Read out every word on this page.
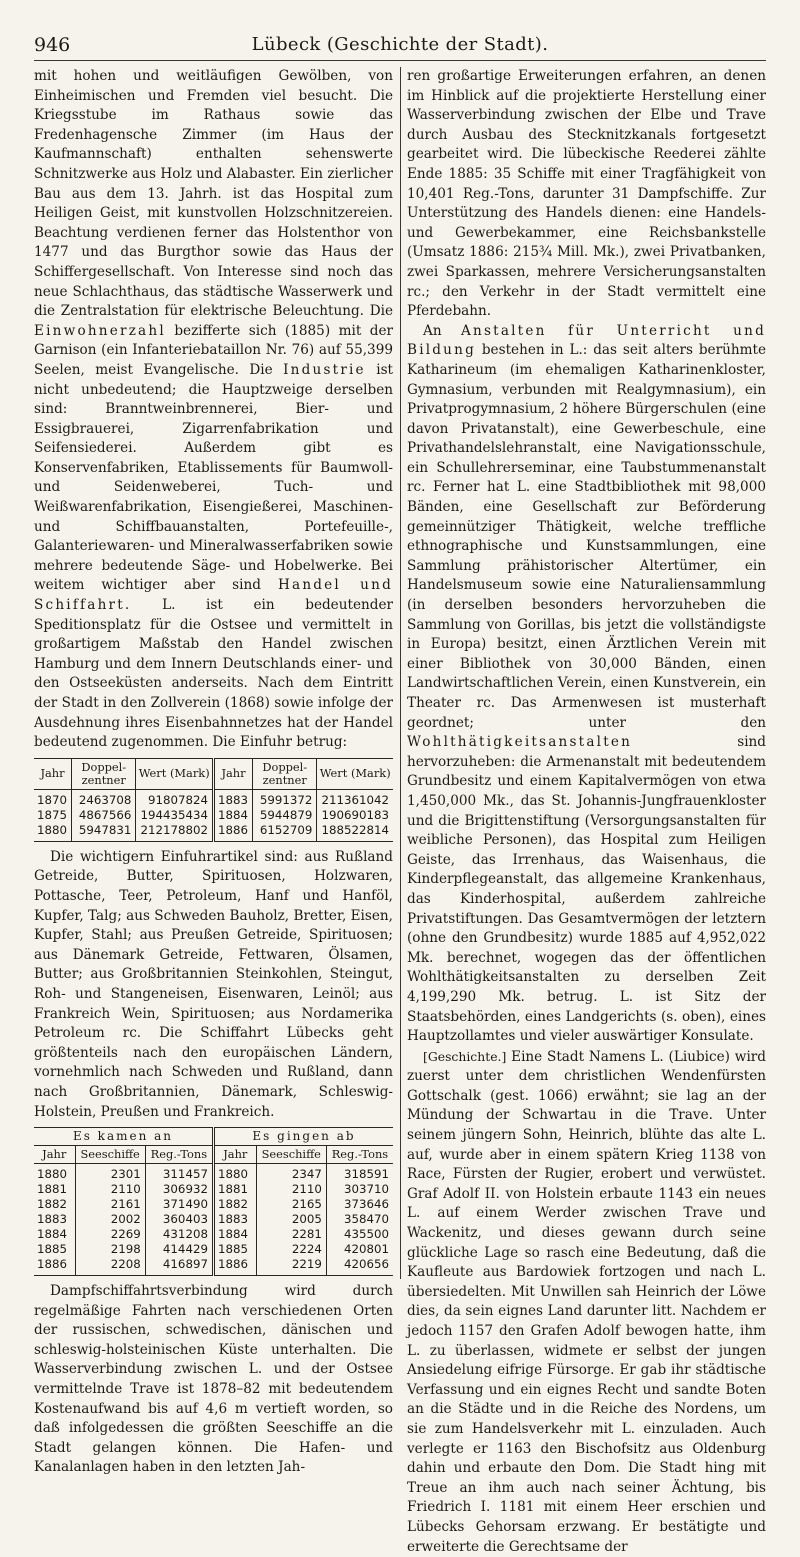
946	Lübeck (Geschichte der Stadt).

mit hohen und weitläufigen Gewölben, von Einheimischen und Fremden viel besucht. Die Kriegsstube im Rathaus sowie das Fredenhagensche Zimmer (im Haus der Kaufmannschaft) enthalten sehenswerte Schnitzwerke aus Holz und Alabaster. Ein zierlicher Bau aus dem 13. Jahrh. ist das Hospital zum Heiligen Geist, mit kunstvollen Holzschnitzereien. Beachtung verdienen ferner das Holstenthor von 1477 und das Burgthor sowie das Haus der Schiffergesellschaft. Von Interesse sind noch das neue Schlachthaus, das städtische Wasserwerk und die Zentralstation für elektrische Beleuchtung. Die Einwohnerzahl bezifferte sich (1885) mit der Garnison (ein Infanteriebataillon Nr. 76) auf 55,399 Seelen, meist Evangelische. Die Industrie ist nicht unbedeutend; die Hauptzweige derselben sind: Branntweinbrennerei, Bier- und Essigbrauerei, Zigarrenfabrikation und Seifensiederei. Außerdem gibt es Konservenfabriken, Etablissements für Baumwoll- und Seidenweberei, Tuch- und Weißwarenfabrikation, Eisengießerei, Maschinen- und Schiffbauanstalten, Portefeuille-, Galanteriewaren- und Mineralwasserfabriken sowie mehrere bedeutende Säge- und Hobelwerke. Bei weitem wichtiger aber sind Handel und Schiffahrt. L. ist ein bedeutender Speditionsplatz für die Ostsee und vermittelt in großartigem Maßstab den Handel zwischen Hamburg und dem Innern Deutschlands einer- und den Ostseeküsten anderseits. Nach dem Eintritt der Stadt in den Zollverein (1868) sowie infolge der Ausdehnung ihres Eisenbahnnetzes hat der Handel bedeutend zugenommen. Die Einfuhr betrug:

Jahr	Doppel-zentner	Wert (Mark)	Jahr	Doppel-zentner	Wert (Mark)
1870	2463708	91807824	1883	5991372	211361042
1875	4867566	194435434	1884	5944879	190690183
1880	5947831	212178802	1886	6152709	188522814

Die wichtigern Einfuhrartikel sind: aus Rußland Getreide, Butter, Spirituosen, Holzwaren, Pottasche, Teer, Petroleum, Hanf und Hanföl, Kupfer, Talg; aus Schweden Bauholz, Bretter, Eisen, Kupfer, Stahl; aus Preußen Getreide, Spirituosen; aus Dänemark Getreide, Fettwaren, Ölsamen, Butter; aus Großbritannien Steinkohlen, Steingut, Roh- und Stangeneisen, Eisenwaren, Leinöl; aus Frankreich Wein, Spirituosen; aus Nordamerika Petroleum rc. Die Schiffahrt Lübecks geht größtenteils nach den europäischen Ländern, vornehmlich nach Schweden und Rußland, dann nach Großbritannien, Dänemark, Schleswig-Holstein, Preußen und Frankreich.

Es kamen an			Es gingen ab		
Jahr	Seeschiffe	Reg.-Tons	Jahr	Seeschiffe	Reg.-Tons
1880	2301	311457	1880	2347	318591
1881	2110	306932	1881	2110	303710
1882	2161	371490	1882	2165	373646
1883	2002	360403	1883	2005	358470
1884	2269	431208	1884	2281	435500
1885	2198	414429	1885	2224	420801
1886	2208	416897	1886	2219	420656

Dampfschiffahrtsverbindung wird durch regelmäßige Fahrten nach verschiedenen Orten der russischen, schwedischen, dänischen und schleswig-holsteinischen Küste unterhalten. Die Wasserverbindung zwischen L. und der Ostsee vermittelnde Trave ist 1878–82 mit bedeutendem Kostenaufwand bis auf 4,6 m vertieft worden, so daß infolgedessen die größten Seeschiffe an die Stadt gelangen können. Die Hafen- und Kanalanlagen haben in den letzten Jah-

ren großartige Erweiterungen erfahren, an denen im Hinblick auf die projektierte Herstellung einer Wasserverbindung zwischen der Elbe und Trave durch Ausbau des Stecknitzkanals fortgesetzt gearbeitet wird. Die lübeckische Reederei zählte Ende 1885: 35 Schiffe mit einer Tragfähigkeit von 10,401 Reg.-Tons, darunter 31 Dampfschiffe. Zur Unterstützung des Handels dienen: eine Handels- und Gewerbekammer, eine Reichsbankstelle (Umsatz 1886: 215¾ Mill. Mk.), zwei Privatbanken, zwei Sparkassen, mehrere Versicherungsanstalten rc.; den Verkehr in der Stadt vermittelt eine Pferdebahn.

An Anstalten für Unterricht und Bildung bestehen in L.: das seit alters berühmte Katharineum (im ehemaligen Katharinenkloster, Gymnasium, verbunden mit Realgymnasium), ein Privatprogymnasium, 2 höhere Bürgerschulen (eine davon Privatanstalt), eine Gewerbeschule, eine Privathandelslehranstalt, eine Navigationsschule, ein Schullehrerseminar, eine Taubstummenanstalt rc. Ferner hat L. eine Stadtbibliothek mit 98,000 Bänden, eine Gesellschaft zur Beförderung gemeinnütziger Thätigkeit, welche treffliche ethnographische und Kunstsammlungen, eine Sammlung prähistorischer Altertümer, ein Handelsmuseum sowie eine Naturaliensammlung (in derselben besonders hervorzuheben die Sammlung von Gorillas, bis jetzt die vollständigste in Europa) besitzt, einen Ärztlichen Verein mit einer Bibliothek von 30,000 Bänden, einen Landwirtschaftlichen Verein, einen Kunstverein, ein Theater rc. Das Armenwesen ist musterhaft geordnet; unter den Wohlthätigkeitsanstalten	sind hervorzuheben: die Armenanstalt mit bedeutendem Grundbesitz und einem Kapitalvermögen von etwa 1,450,000 Mk., das St. Johannis-Jungfrauenkloster und die Brigittenstiftung (Versorgungsanstalten für weibliche Personen), das Hospital zum Heiligen Geiste, das Irrenhaus, das Waisenhaus, die Kinderpflegeanstalt, das allgemeine Krankenhaus, das Kinderhospital, außerdem zahlreiche Privatstiftungen. Das Gesamtvermögen der letztern (ohne den Grundbesitz) wurde 1885 auf 4,952,022 Mk. berechnet, wogegen das der öffentlichen Wohlthätigkeitsanstalten zu derselben Zeit 4,199,290 Mk. betrug. L. ist Sitz der Staatsbehörden, eines Landgerichts (s. oben), eines Hauptzollamtes und vieler auswärtiger Konsulate.

[Geschichte.] Eine Stadt Namens L. (Liubice) wird zuerst unter dem christlichen Wendenfürsten Gottschalk (gest. 1066) erwähnt; sie lag an der Mündung der Schwartau in die Trave. Unter seinem jüngern Sohn, Heinrich, blühte das alte L. auf, wurde aber in einem spätern Krieg 1138 von Race, Fürsten der Rugier, erobert und verwüstet. Graf Adolf II. von Holstein erbaute 1143 ein neues L. auf einem Werder zwischen Trave und Wackenitz, und dieses gewann durch seine glückliche Lage so rasch eine Bedeutung, daß die Kaufleute aus Bardowiek fortzogen und nach L. übersiedelten. Mit Unwillen sah Heinrich der Löwe dies, da sein eignes Land darunter litt. Nachdem er jedoch 1157 den Grafen Adolf bewogen hatte, ihm L. zu überlassen, widmete er selbst der jungen Ansiedelung eifrige Fürsorge. Er gab ihr städtische Verfassung und ein eignes Recht und sandte Boten an die Städte und in die Reiche des Nordens, um sie zum Handelsverkehr mit L. einzuladen. Auch verlegte er 1163 den Bischofsitz aus Oldenburg dahin und erbaute den Dom. Die Stadt hing mit Treue an ihm auch nach seiner Ächtung, bis Friedrich I. 1181 mit einem Heer erschien und Lübecks Gehorsam erzwang. Er bestätigte und erweiterte die Gerechtsame der
